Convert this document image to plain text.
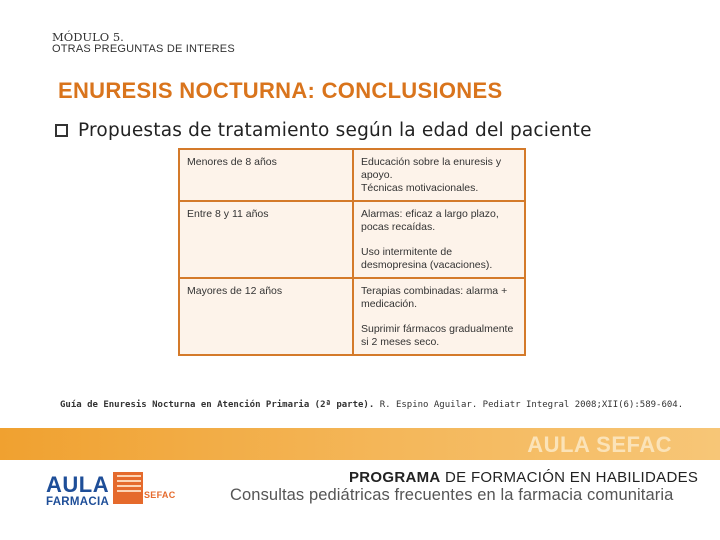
MÓDULO 5.
OTRAS PREGUNTAS DE INTERES
ENURESIS NOCTURNA: CONCLUSIONES
Propuestas de tratamiento según la edad del paciente
Menores de 8 años	Educación sobre la enuresis y apoyo.

Técnicas motivacionales.

Entre 8 y 11 años	Alarmas: eficaz a largo plazo, pocas recaídas.

Uso intermitente de desmopresina (vacaciones).

Mayores de 12 años	Terapias combinadas: alarma + medicación.

Suprimir fármacos gradualmente si 2 meses seco.

Guía de Enuresis Nocturna en Atención Primaria (2ª parte). R. Espino Aguilar. Pediatr Integral 2008;XII(6):589-604.
AULA SEFAC
AULA
FARMACIA
SEFAC
PROGRAMA DE FORMACIÓN EN HABILIDADES
Consultas pediátricas frecuentes en la farmacia comunitaria
